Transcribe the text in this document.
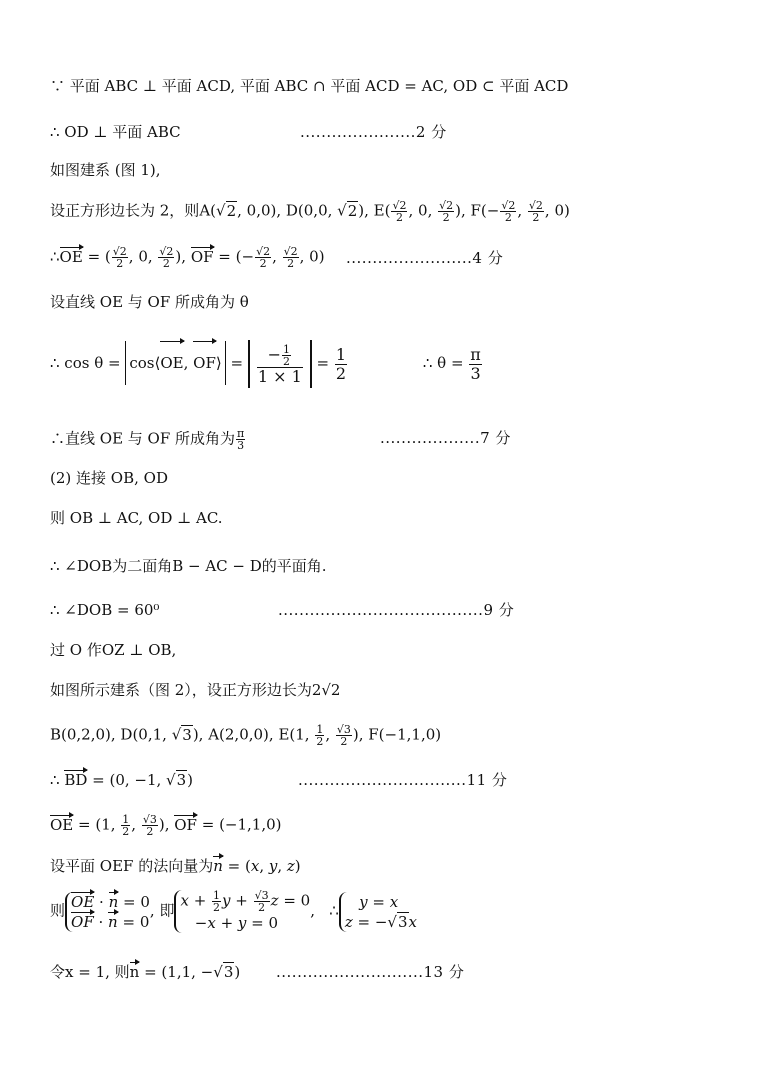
∵ 平面 ABC ⊥ 平面 ACD, 平面 ABC ∩ 平面 ACD = AC, OD ⊂ 平面 ACD
∴ OD ⊥ 平面 ABC	......................2 分
如图建系 (图 1),
设正方形边长为 2，则A(√2, 0,0), D(0,0, √2), $E( \frac{√2}{2}$ , 0, $\frac{√2}{2}$ ), $F(- \frac{√2}{2}$ , $\frac{√2}{2}$ , 0)
∴OE = ( $\frac{√2}{2}$ , 0, $\frac{√2}{2}$ ), OF = (− $\frac{√2}{2}$ , $\frac{√2}{2}$ , 0) ........................4 分
设直线 OE 与 OF 所成角为 θ
∴ cos θ = cos⟨OE, OF⟩ = $\frac{- \frac{1}{2}}{1 \times 1} = \frac{1}{2}$	∴ $\theta = \frac{\pi}{3}$
∴直线 OE 与 OF 所成角为 $\frac{\pi}{3}$	...................7 分
(2) 连接 OB, OD
则 OB ⊥ AC, OD ⊥ AC.
∴ ∠DOB为二面角B − AC − D的平面角.
∴ ∠DOB = 60⁰	.......................................9 分
过 O 作OZ ⊥ OB,
如图所示建系（图 2），设正方形边长为2√2
B(0,2,0), D(0,1, √3), A(2,0,0), E(1, $\frac{1}{2}$ , $\frac{√3}{2}$ ), F(−1,1,0)
∴ BD = (0, −1, √3)	................................11 分
OE = (1, $\frac{1}{2}$ , $\frac{√3}{2}$ ), OF = (−1,1,0)
设平面 OEF 的法向量为n = (x, y, z)
则 OE · n = 0
OF · n = 0
, 即
$x + \frac{1}{2}$ $y + \frac{√3}{2}$ z = 0
−x + y = 0
,   ∴	y = x
z = −√3x
令x = 1, 则n = (1,1, −√3) ............................13 分
